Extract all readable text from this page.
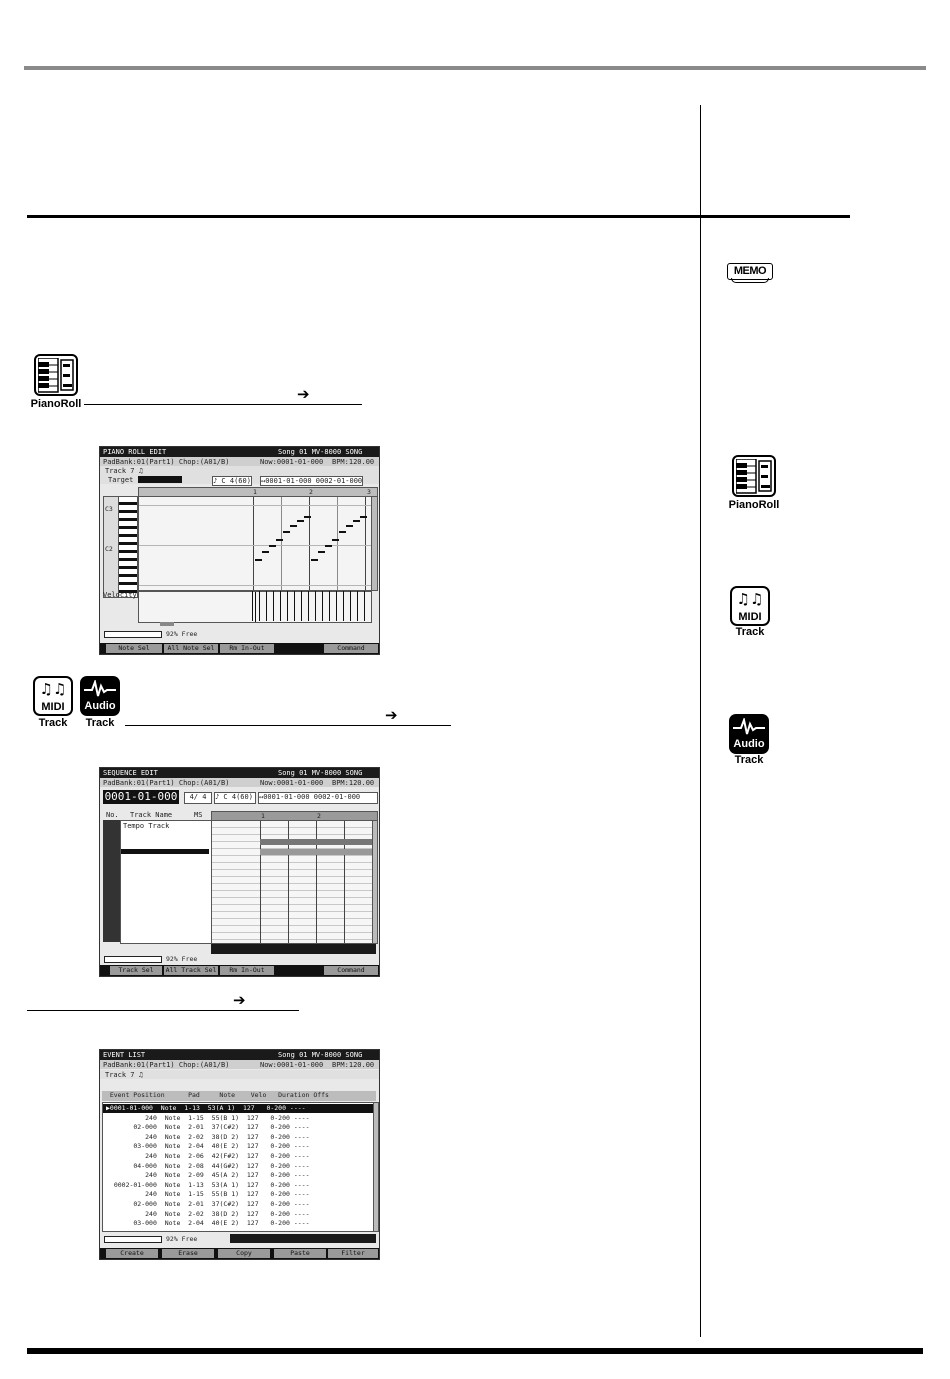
PianoRoll
➔
PIANO ROLL EDIT	Song 01 MV-8000 SONG
PadBank:01(Part1) Chop:(A01/B)	Now:0001-01-000 BPM:120.00
Track 7 ♫
Target	♪ C 4(60) ↤0001-01-000 0002-01-000
1	2	3
C3
C2
Velocity
92% Free
Note Sel	All Note Sel	Rm In-Out	Command
♫♫
MIDI
Track
Audio
Track	➔
SEQUENCE EDIT	Song 01 MV-8000 SONG
PadBank:01(Part1) Chop:(A01/B)	Now:0001-01-000 BPM:120.00
0001-01-000	4/ 4	♪ C 4(60) ↤0001-01-000 0002-01-000
No. Track Name	MS
Tempo Track
1	2
92% Free
Track Sel	All Track Sel	Rm In-Out	Command
➔
EVENT LIST	Song 01 MV-8000 SONG
PadBank:01(Part1) Chop:(A01/B)	Now:0001-01-000 BPM:120.00
Track 7 ♫
Event Position      Pad     Note    Velo   Duration Offs
▶0001-01-000  Note  1-13  53(A 1)  127   0-200 ----
240  Note  1-15  55(B 1)  127   0-200 ----
02-000  Note  2-01  37(C#2)  127   0-200 ----
240  Note  2-02  38(D 2)  127   0-200 ----
03-000  Note  2-04  40(E 2)  127   0-200 ----
240  Note  2-06  42(F#2)  127   0-200 ----
04-000  Note  2-08  44(G#2)  127   0-200 ----
240  Note  2-09  45(A 2)  127   0-200 ----
0002-01-000  Note  1-13  53(A 1)  127   0-200 ----
240  Note  1-15  55(B 1)  127   0-200 ----
02-000  Note  2-01  37(C#2)  127   0-200 ----
240  Note  2-02  38(D 2)  127   0-200 ----
03-000  Note  2-04  40(E 2)  127   0-200 ----
92% Free
Create	Erase	Copy	Paste	Filter
MEMO
PianoRoll
♫♫
MIDI
Track
Audio
Track
